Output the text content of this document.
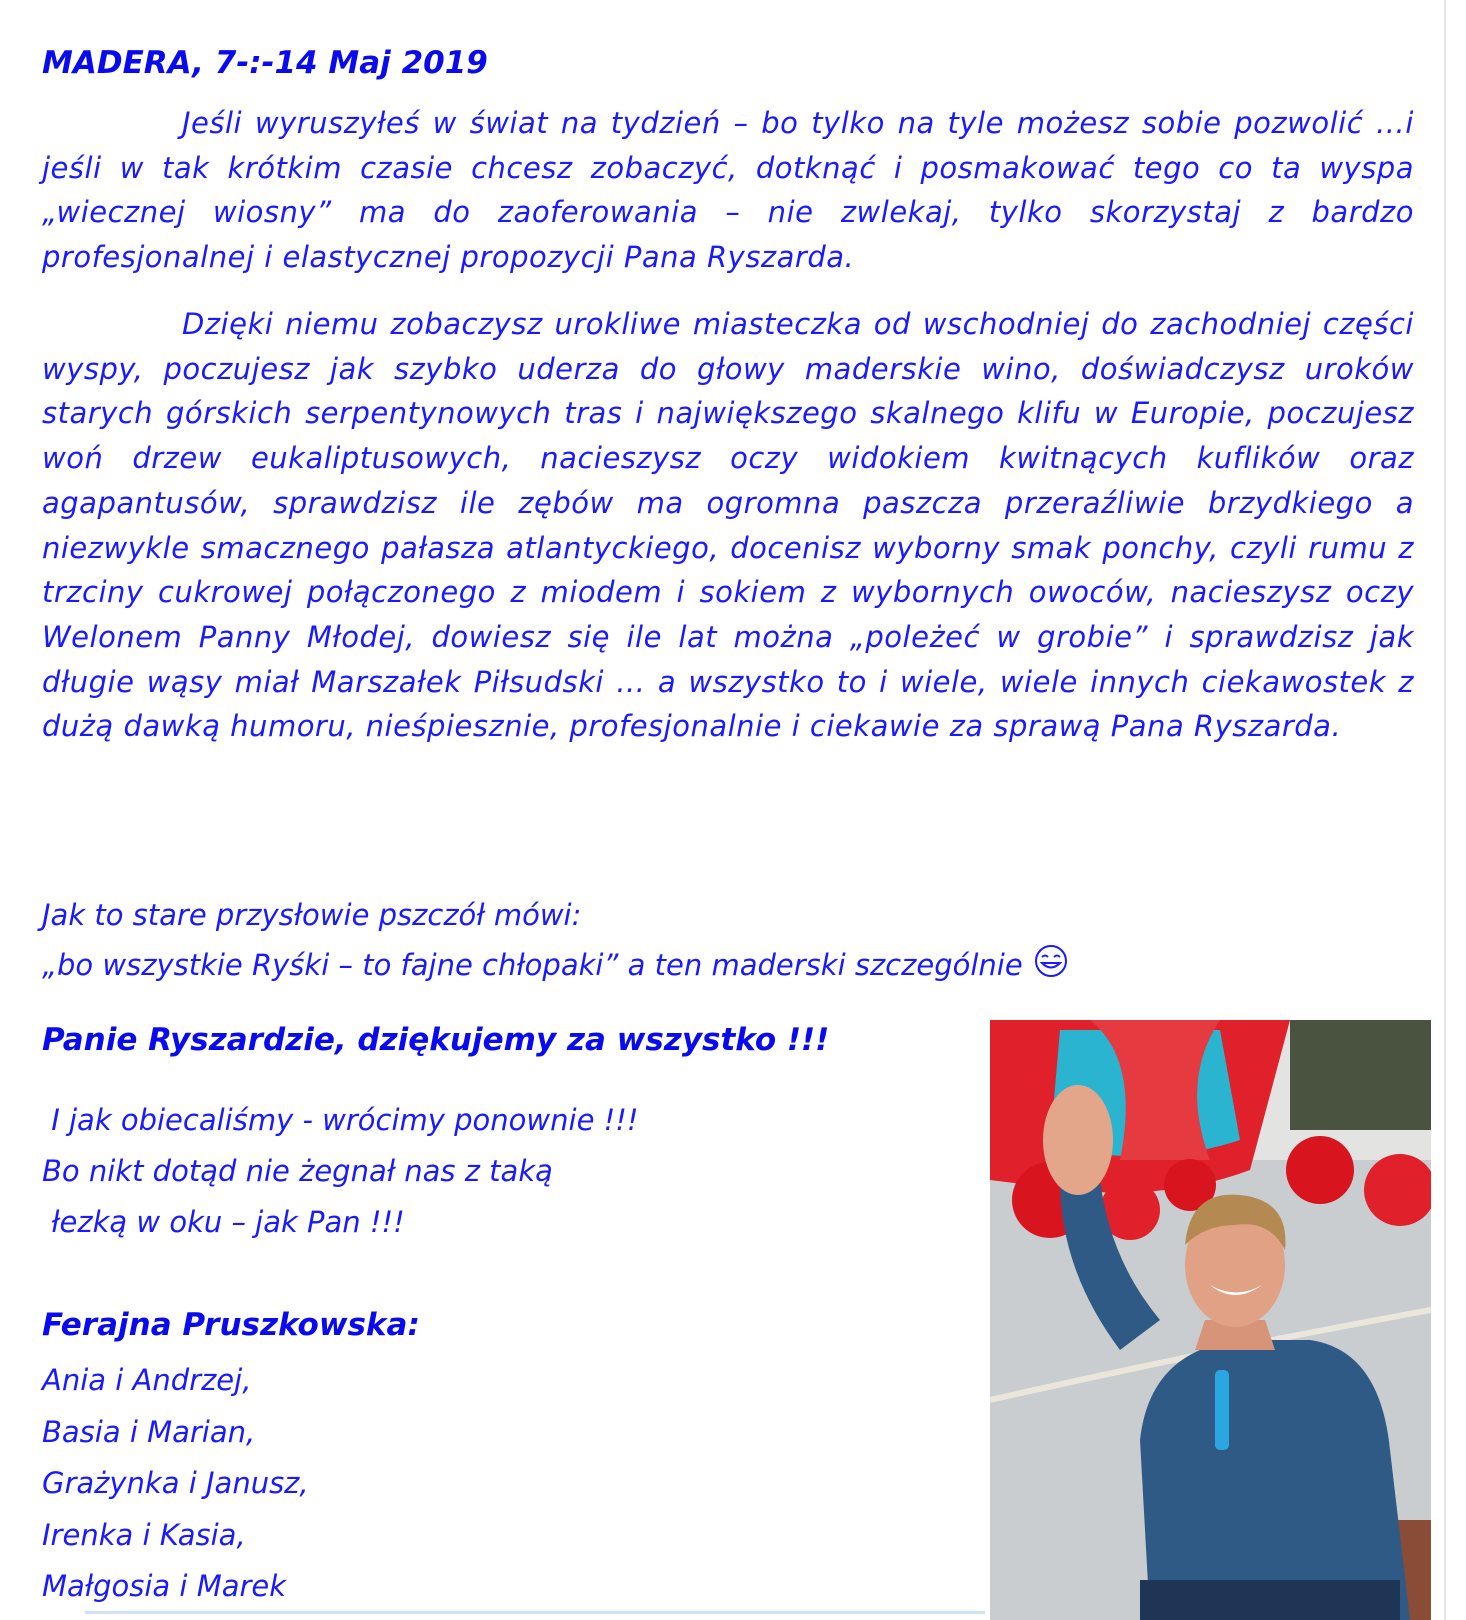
MADERA, 7-:-14 Maj 2019

Jeśli wyruszyłeś w świat na tydzień – bo tylko na tyle możesz sobie pozwolić …i jeśli w tak krótkim czasie chcesz zobaczyć, dotknąć i posmakować tego co ta wyspa „wiecznej wiosny” ma do zaoferowania – nie zwlekaj, tylko skorzystaj z bardzo profesjonalnej i elastycznej propozycji Pana Ryszarda.

Dzięki niemu zobaczysz urokliwe miasteczka od wschodniej do zachodniej części wyspy, poczujesz jak szybko uderza do głowy maderskie wino, doświadczysz uroków starych górskich serpentynowych tras i największego skalnego klifu w Europie, poczujesz woń drzew eukaliptusowych, nacieszysz oczy widokiem kwitnących kuflików oraz agapantusów, sprawdzisz ile zębów ma ogromna paszcza przeraźliwie brzydkiego a niezwykle smacznego pałasza atlantyckiego, docenisz wyborny smak ponchy, czyli rumu z trzciny cukrowej połączonego z miodem i sokiem z wybornych owoców, nacieszysz oczy Welonem Panny Młodej, dowiesz się ile lat można „poleżeć w grobie” i sprawdzisz jak długie wąsy miał Marszałek Piłsudski … a wszystko to i wiele, wiele innych ciekawostek z dużą dawką humoru, nieśpiesznie, profesjonalnie i ciekawie za sprawą Pana Ryszarda.

Jak to stare przysłowie pszczół mówi:
„bo wszystkie Ryśki – to fajne chłopaki” a ten maderski szczególnie

Panie Ryszardzie, dziękujemy za wszystko !!!

I jak obiecaliśmy - wrócimy ponownie !!!
Bo nikt dotąd nie żegnał nas z taką
łezką w oku – jak Pan !!!

Ferajna Pruszkowska:
Ania i Andrzej,
Basia i Marian,
Grażynka i Janusz,
Irenka i Kasia,
Małgosia i Marek
